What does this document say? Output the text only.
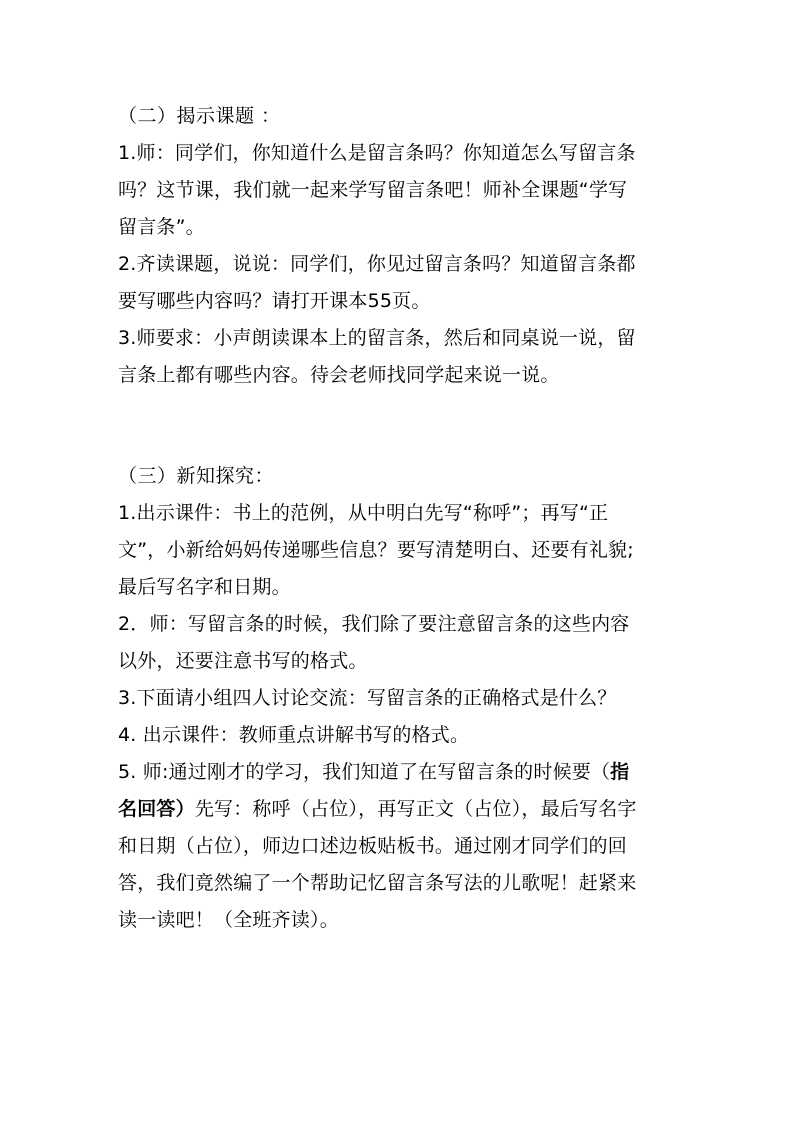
（二）揭示课题 ：
1.师：同学们，你知道什么是留言条吗？你知道怎么写留言条
吗？这节课，我们就一起来学写留言条吧！师补全课题“学写
留言条”。
2.齐读课题，说说：同学们，你见过留言条吗？知道留言条都
要写哪些内容吗？请打开课本55页。
3.师要求：小声朗读课本上的留言条，然后和同桌说一说，留
言条上都有哪些内容。待会老师找同学起来说一说。
（三）新知探究：
1.出示课件：书上的范例，从中明白先写“称呼”；再写“正
文”，小新给妈妈传递哪些信息？要写清楚明白、还要有礼貌;
最后写名字和日期。
2．师：写留言条的时候，我们除了要注意留言条的这些内容
以外，还要注意书写的格式。
3.下面请小组四人讨论交流：写留言条的正确格式是什么？
4. 出示课件：教师重点讲解书写的格式。
5. 师:通过刚才的学习，我们知道了在写留言条的时候要（指
名回答）先写：称呼（占位），再写正文（占位），最后写名字
和日期（占位），师边口述边板贴板书。通过刚才同学们的回
答，我们竟然编了一个帮助记忆留言条写法的儿歌呢！赶紧来
读一读吧！（全班齐读）。
